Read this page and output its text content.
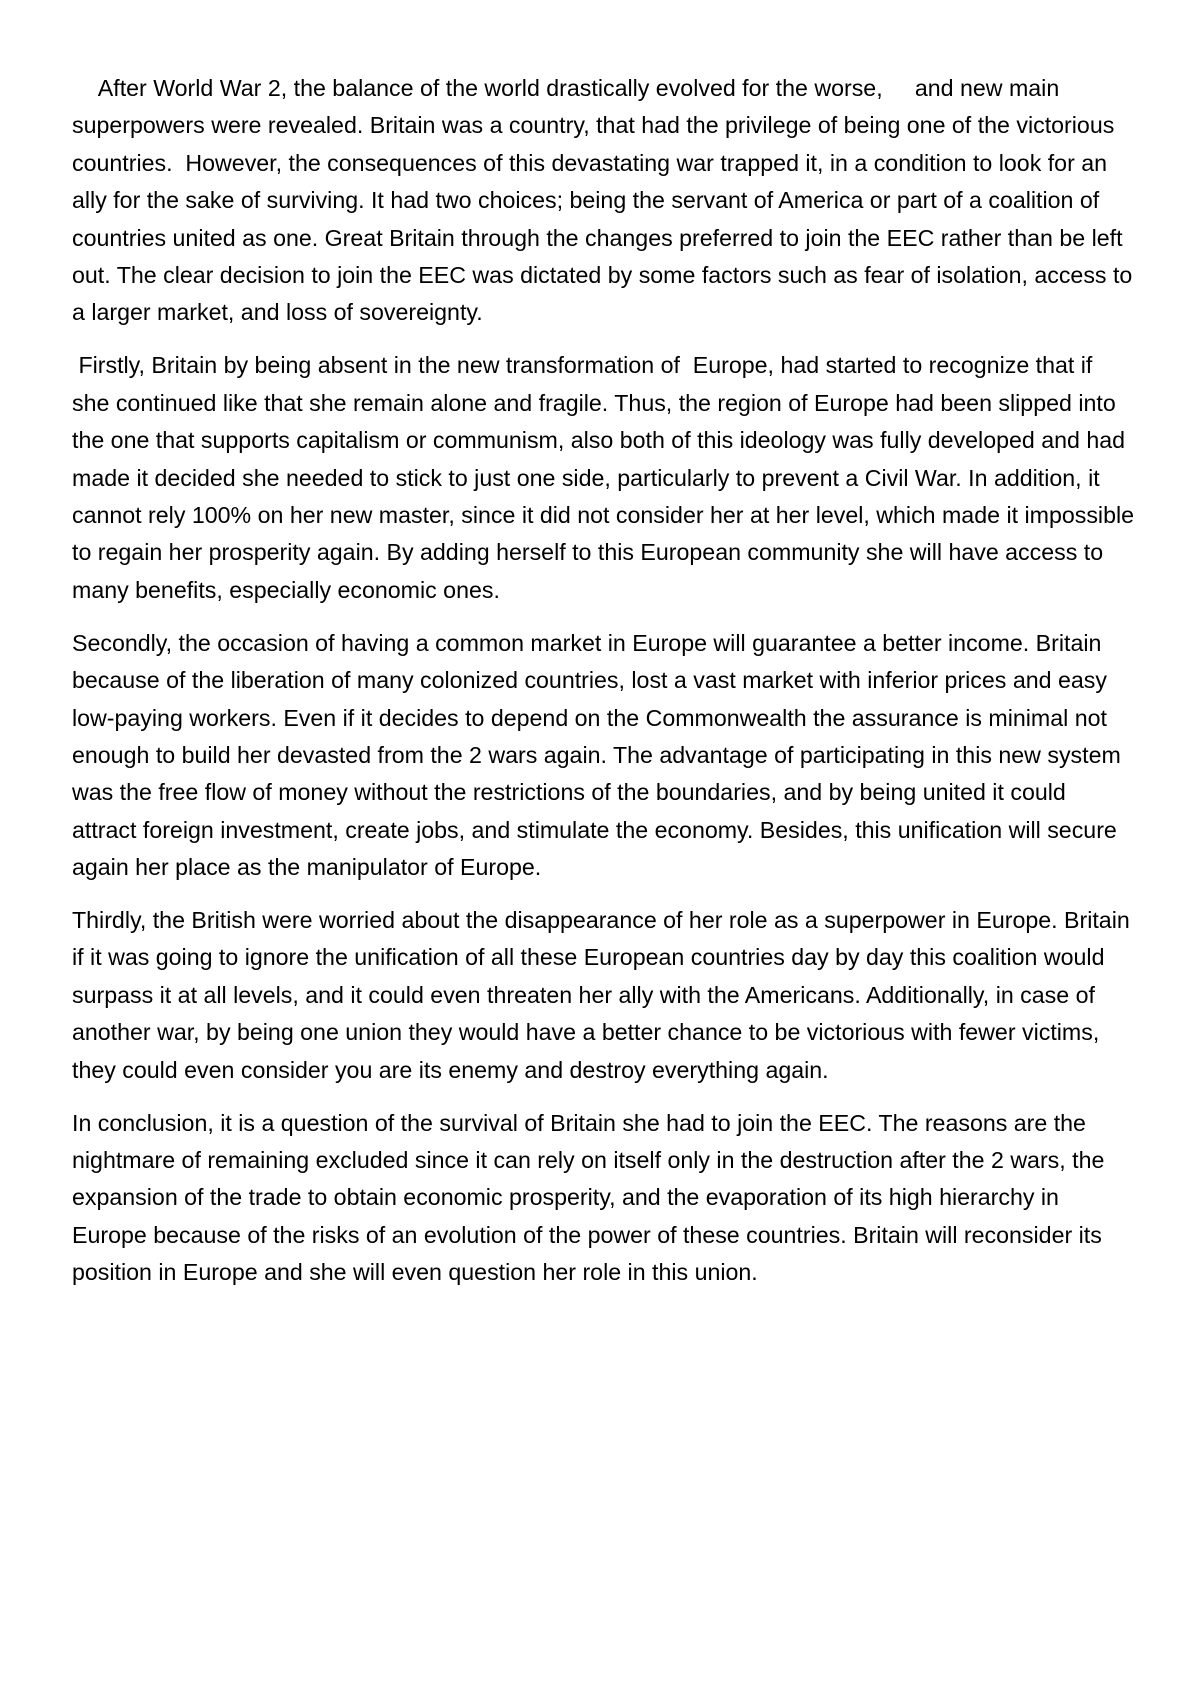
After World War 2, the balance of the world drastically evolved for the worse,     and new main superpowers were revealed. Britain was a country, that had the privilege of being one of the victorious countries.  However, the consequences of this devastating war trapped it, in a condition to look for an ally for the sake of surviving. It had two choices; being the servant of America or part of a coalition of countries united as one. Great Britain through the changes preferred to join the EEC rather than be left out. The clear decision to join the EEC was dictated by some factors such as fear of isolation, access to a larger market, and loss of sovereignty.

Firstly, Britain by being absent in the new transformation of  Europe, had started to recognize that if she continued like that she remain alone and fragile. Thus, the region of Europe had been slipped into the one that supports capitalism or communism, also both of this ideology was fully developed and had made it decided she needed to stick to just one side, particularly to prevent a Civil War. In addition, it cannot rely 100% on her new master, since it did not consider her at her level, which made it impossible to regain her prosperity again. By adding herself to this European community she will have access to many benefits, especially economic ones.

Secondly, the occasion of having a common market in Europe will guarantee a better income. Britain because of the liberation of many colonized countries, lost a vast market with inferior prices and easy low-paying workers. Even if it decides to depend on the Commonwealth the assurance is minimal not enough to build her devasted from the 2 wars again. The advantage of participating in this new system was the free flow of money without the restrictions of the boundaries, and by being united it could attract foreign investment, create jobs, and stimulate the economy. Besides, this unification will secure again her place as the manipulator of Europe.

Thirdly, the British were worried about the disappearance of her role as a superpower in Europe. Britain if it was going to ignore the unification of all these European countries day by day this coalition would surpass it at all levels, and it could even threaten her ally with the Americans. Additionally, in case of another war, by being one union they would have a better chance to be victorious with fewer victims, they could even consider you are its enemy and destroy everything again.

In conclusion, it is a question of the survival of Britain she had to join the EEC. The reasons are the nightmare of remaining excluded since it can rely on itself only in the destruction after the 2 wars, the expansion of the trade to obtain economic prosperity, and the evaporation of its high hierarchy in Europe because of the risks of an evolution of the power of these countries. Britain will reconsider its position in Europe and she will even question her role in this union.
